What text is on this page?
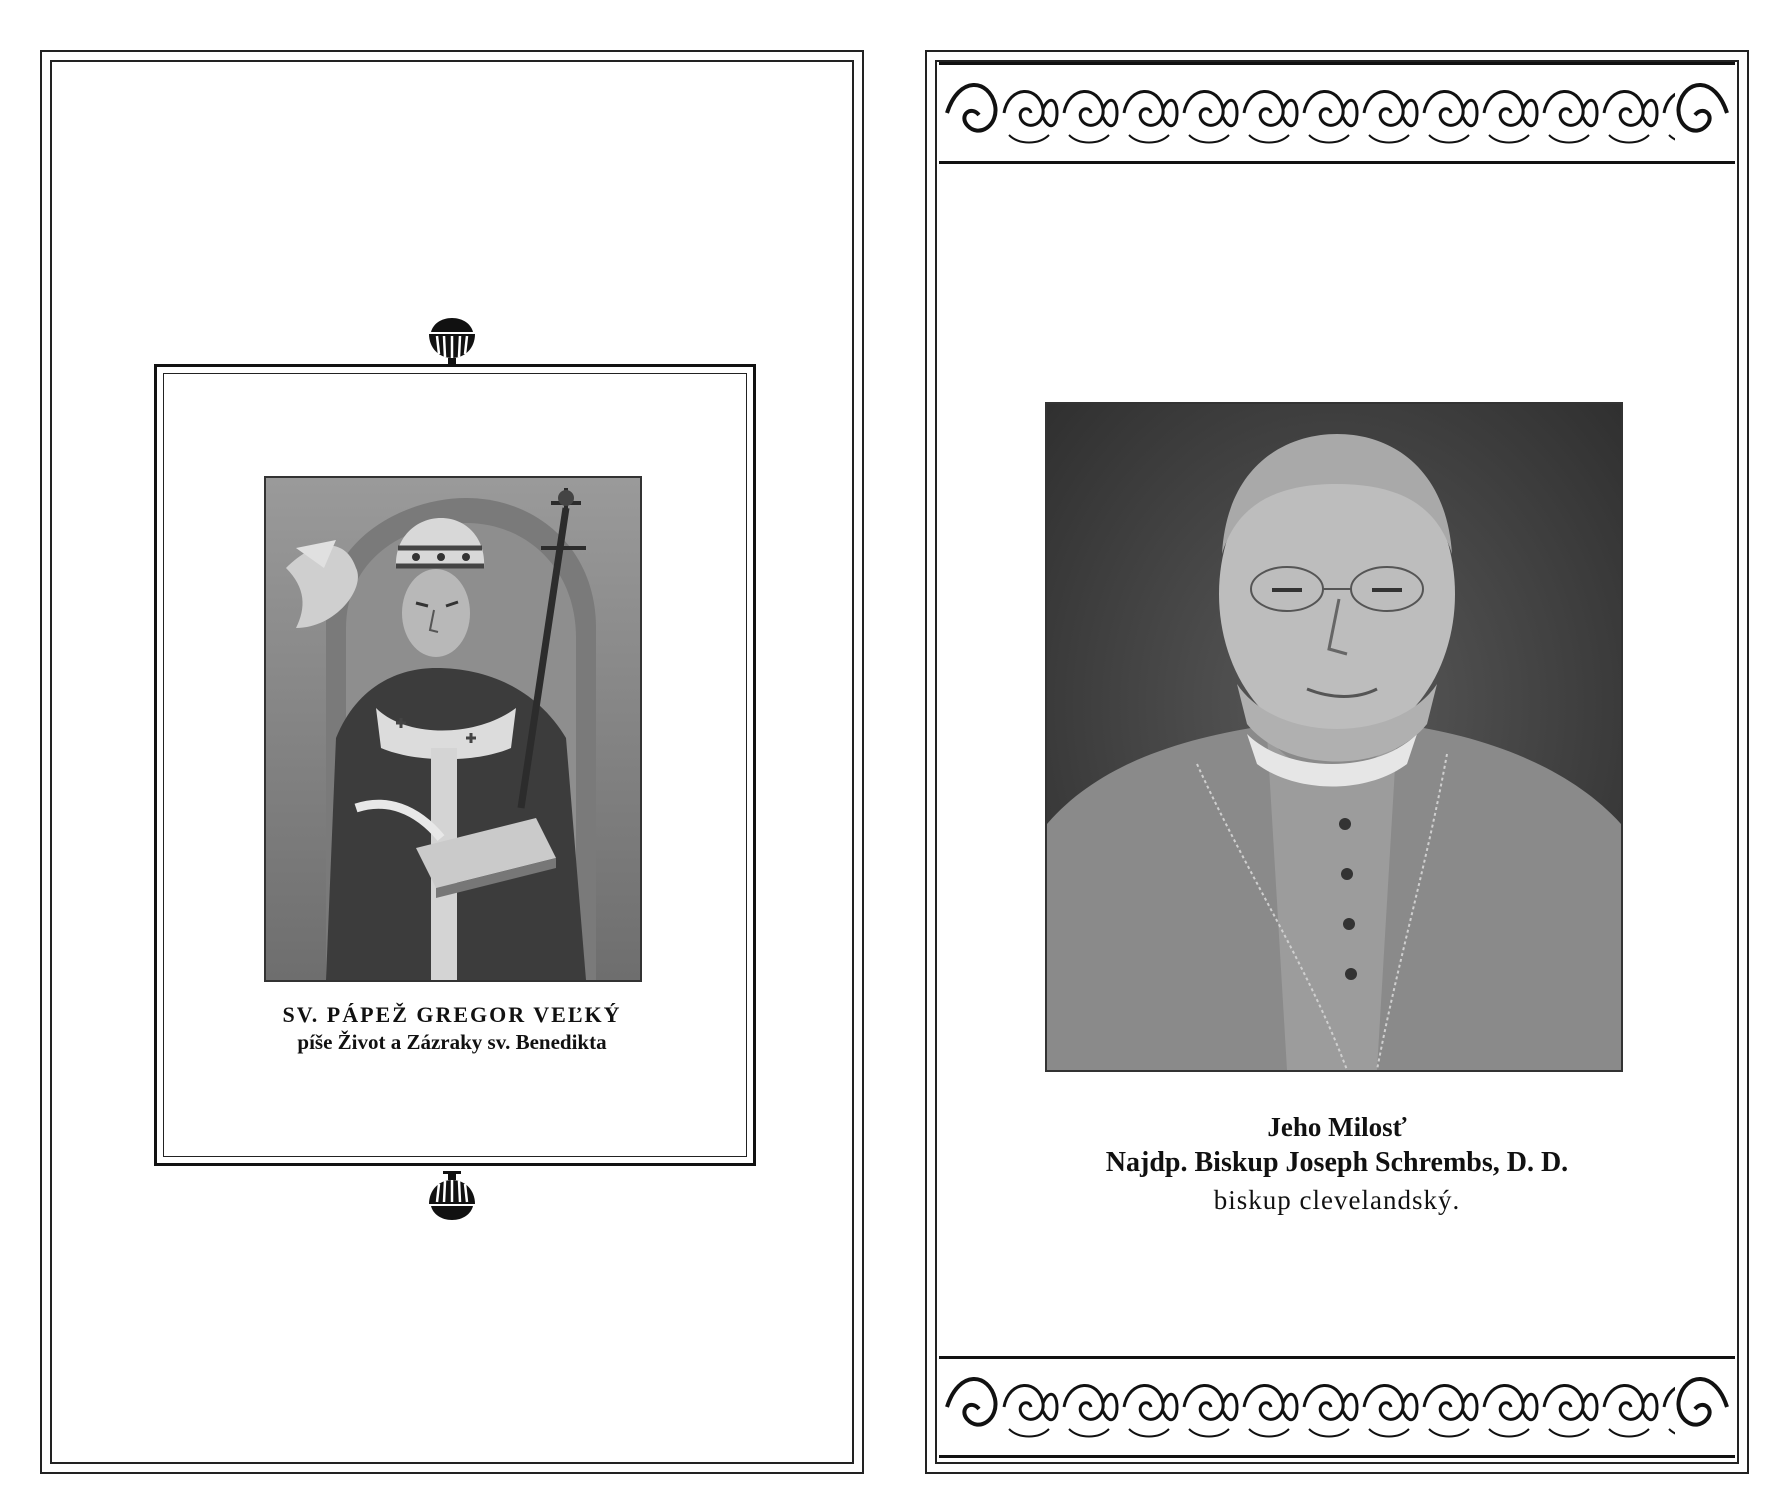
SV. PÁPEŽ GREGOR VEĽKÝ
píše Život a Zázraky sv. Benedikta
Jeho Milosť
Najdp. Biskup Joseph Schrembs, D. D.
biskup clevelandský.
